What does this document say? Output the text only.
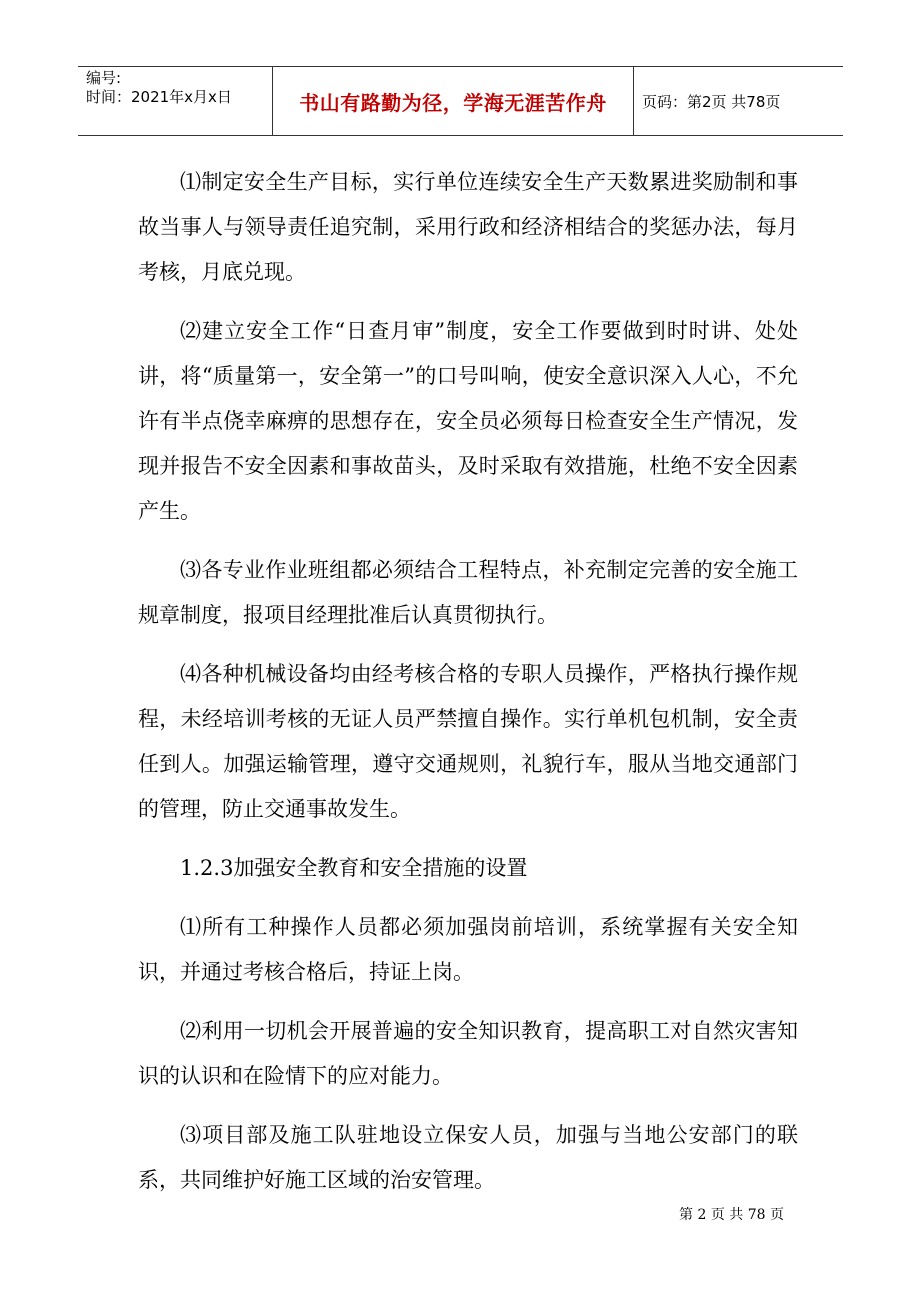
编号:
时间：2021年x月x日	书山有路勤为径，学海无涯苦作舟	页码：第2页 共78页

⑴制定安全生产目标，实行单位连续安全生产天数累进奖励制和事故当事人与领导责任追究制，采用行政和经济相结合的奖惩办法，每月考核，月底兑现。

⑵建立安全工作“日查月审”制度，安全工作要做到时时讲、处处讲，将“质量第一，安全第一”的口号叫响，使安全意识深入人心，不允许有半点侥幸麻痹的思想存在，安全员必须每日检查安全生产情况，发现并报告不安全因素和事故苗头，及时采取有效措施，杜绝不安全因素产生。

⑶各专业作业班组都必须结合工程特点，补充制定完善的安全施工规章制度，报项目经理批准后认真贯彻执行。

⑷各种机械设备均由经考核合格的专职人员操作，严格执行操作规程，未经培训考核的无证人员严禁擅自操作。实行单机包机制，安全责任到人。加强运输管理，遵守交通规则，礼貌行车，服从当地交通部门的管理，防止交通事故发生。

1.2.3加强安全教育和安全措施的设置

⑴所有工种操作人员都必须加强岗前培训，系统掌握有关安全知识，并通过考核合格后，持证上岗。

⑵利用一切机会开展普遍的安全知识教育，提高职工对自然灾害知识的认识和在险情下的应对能力。

⑶项目部及施工队驻地设立保安人员，加强与当地公安部门的联系，共同维护好施工区域的治安管理。

第 2 页 共 78 页
